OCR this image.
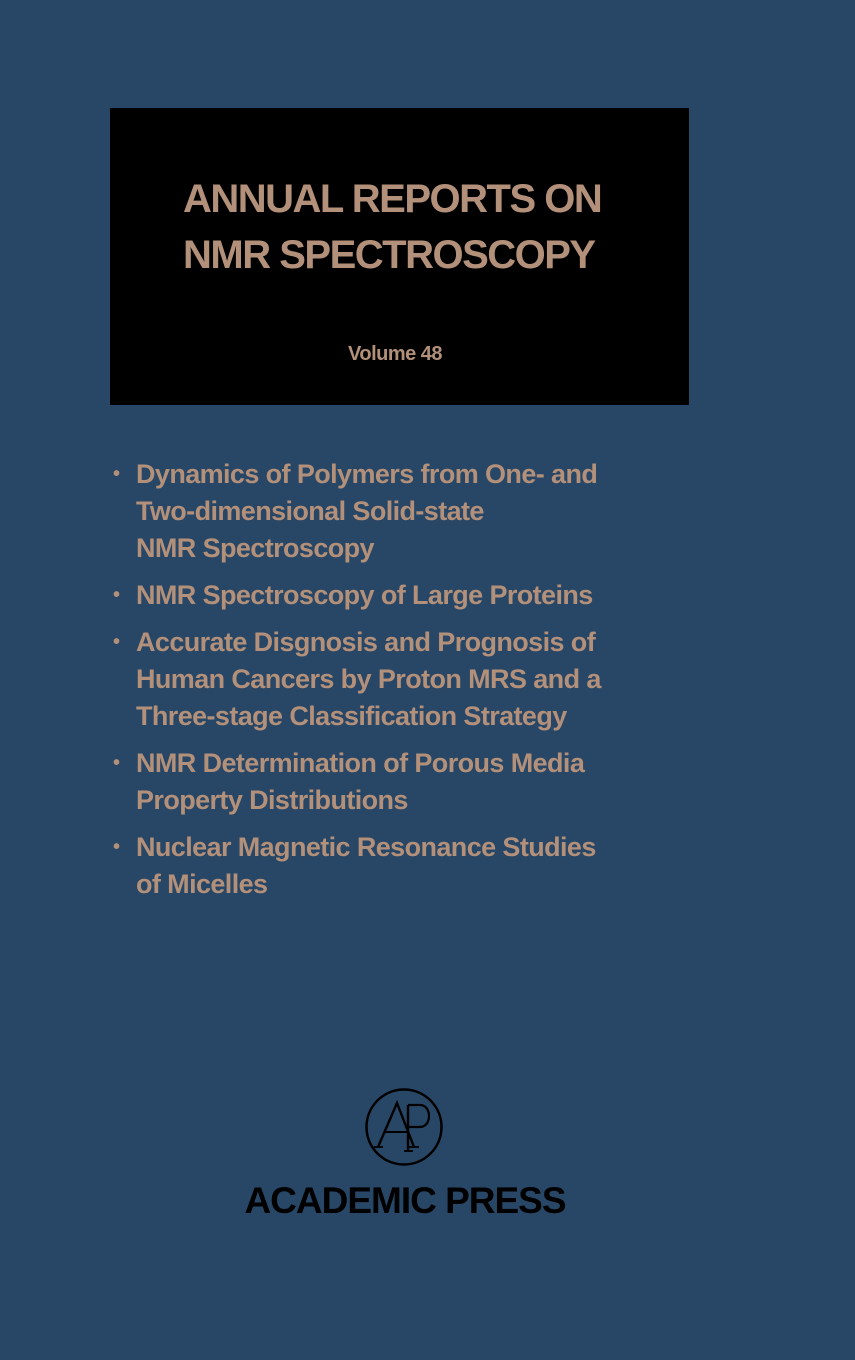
ANNUAL REPORTS ON
NMR SPECTROSCOPY
Volume 48
• Dynamics of Polymers from One- and
Two-dimensional Solid-state
NMR Spectroscopy
• NMR Spectroscopy of Large Proteins
• Accurate Disgnosis and Prognosis of
Human Cancers by Proton MRS and a
Three-stage Classification Strategy
• NMR Determination of Porous Media
Property Distributions
• Nuclear Magnetic Resonance Studies
of Micelles
ACADEMIC PRESS
